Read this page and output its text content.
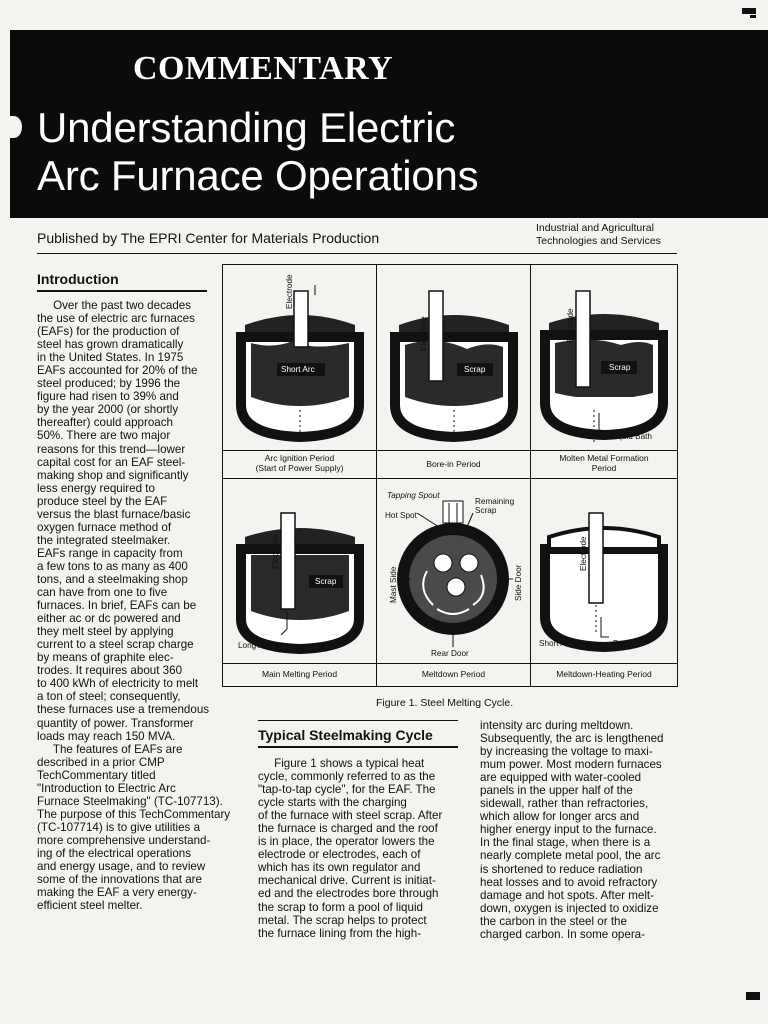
COMMENTARY
Understanding Electric
Arc Furnace Operations
Published by The EPRI Center for Materials Production
Industrial and Agricultural
Technologies and Services
Introduction
Over the past two decades
the use of electric arc furnaces
(EAFs) for the production of
steel has grown dramatically
in the United States. In 1975
EAFs accounted for 20% of the
steel produced; by 1996 the
figure had risen to 39% and
by the year 2000 (or shortly
thereafter) could approach
50%. There are two major
reasons for this trend—lower
capital cost for an EAF steel-
making shop and significantly
less energy required to
produce steel by the EAF
versus the blast furnace/basic
oxygen furnace method of
the integrated steelmaker.
EAFs range in capacity from
a few tons to as many as 400
tons, and a steelmaking shop
can have from one to five
furnaces. In brief, EAFs can be
either ac or dc powered and
they melt steel by applying
current to a steel scrap charge
by means of graphite elec-
trodes. It requires about 360
to 400 kWh of electricity to melt
a ton of steel; consequently,
these furnaces use a tremendous
quantity of power. Transformer
loads may reach 150 MVA.
The features of EAFs are
described in a prior CMP
TechCommentary titled
"Introduction to Electric Arc
Furnace Steelmaking" (TC-107713).
The purpose of this TechCommentary
(TC-107714) is to give utilities a
more comprehensive understand-
ing of the electrical operations
and energy usage, and to review
some of the innovations that are
making the EAF a very energy-
efficient steel melter.
Electrode
Short Arc
Arc Ignition Period
(Start of Power Supply)
Electrode
Scrap
Bore-in Period
Electrode
Scrap
Liquid Bath
Molten Metal Formation
Period
Electrode
Scrap
Long Arc
Main Melting Period
Tapping Spout
Remaining
Scrap
Hot Spot
Mast Side	Side Door
Rear Door
Meltdown Period
Electrode
Short Arc	Bath
Meltdown-Heating Period
Figure 1. Steel Melting Cycle.
Typical Steelmaking Cycle
Figure 1 shows a typical heat
cycle, commonly referred to as the
"tap-to-tap cycle", for the EAF. The
cycle starts with the charging
of the furnace with steel scrap. After
the furnace is charged and the roof
is in place, the operator lowers the
electrode or electrodes, each of
which has its own regulator and
mechanical drive. Current is initiat-
ed and the electrodes bore through
the scrap to form a pool of liquid
metal. The scrap helps to protect
the furnace lining from the high-
intensity arc during meltdown.
Subsequently, the arc is lengthened
by increasing the voltage to maxi-
mum power. Most modern furnaces
are equipped with water-cooled
panels in the upper half of the
sidewall, rather than refractories,
which allow for longer arcs and
higher energy input to the furnace.
In the final stage, when there is a
nearly complete metal pool, the arc
is shortened to reduce radiation
heat losses and to avoid refractory
damage and hot spots. After melt-
down, oxygen is injected to oxidize
the carbon in the steel or the
charged carbon. In some opera-
